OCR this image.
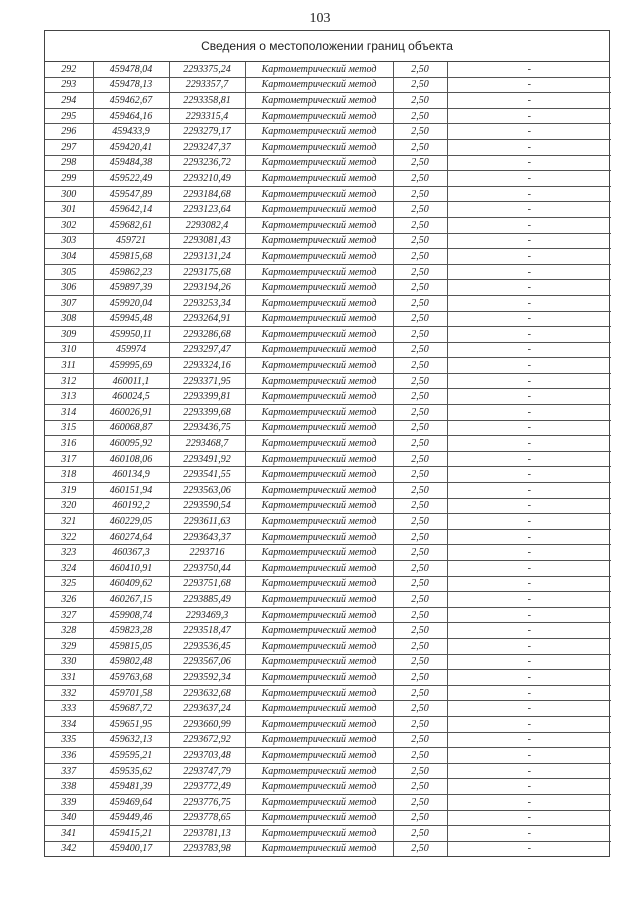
103
Сведения о местоположении границ объекта
292	459478,04	2293375,24	Картометрический метод	2,50	-
293	459478,13	2293357,7	Картометрический метод	2,50	-
294	459462,67	2293358,81	Картометрический метод	2,50	-
295	459464,16	2293315,4	Картометрический метод	2,50	-
296	459433,9	2293279,17	Картометрический метод	2,50	-
297	459420,41	2293247,37	Картометрический метод	2,50	-
298	459484,38	2293236,72	Картометрический метод	2,50	-
299	459522,49	2293210,49	Картометрический метод	2,50	-
300	459547,89	2293184,68	Картометрический метод	2,50	-
301	459642,14	2293123,64	Картометрический метод	2,50	-
302	459682,61	2293082,4	Картометрический метод	2,50	-
303	459721	2293081,43	Картометрический метод	2,50	-
304	459815,68	2293131,24	Картометрический метод	2,50	-
305	459862,23	2293175,68	Картометрический метод	2,50	-
306	459897,39	2293194,26	Картометрический метод	2,50	-
307	459920,04	2293253,34	Картометрический метод	2,50	-
308	459945,48	2293264,91	Картометрический метод	2,50	-
309	459950,11	2293286,68	Картометрический метод	2,50	-
310	459974	2293297,47	Картометрический метод	2,50	-
311	459995,69	2293324,16	Картометрический метод	2,50	-
312	460011,1	2293371,95	Картометрический метод	2,50	-
313	460024,5	2293399,81	Картометрический метод	2,50	-
314	460026,91	2293399,68	Картометрический метод	2,50	-
315	460068,87	2293436,75	Картометрический метод	2,50	-
316	460095,92	2293468,7	Картометрический метод	2,50	-
317	460108,06	2293491,92	Картометрический метод	2,50	-
318	460134,9	2293541,55	Картометрический метод	2,50	-
319	460151,94	2293563,06	Картометрический метод	2,50	-
320	460192,2	2293590,54	Картометрический метод	2,50	-
321	460229,05	2293611,63	Картометрический метод	2,50	-
322	460274,64	2293643,37	Картометрический метод	2,50	-
323	460367,3	2293716	Картометрический метод	2,50	-
324	460410,91	2293750,44	Картометрический метод	2,50	-
325	460409,62	2293751,68	Картометрический метод	2,50	-
326	460267,15	2293885,49	Картометрический метод	2,50	-
327	459908,74	2293469,3	Картометрический метод	2,50	-
328	459823,28	2293518,47	Картометрический метод	2,50	-
329	459815,05	2293536,45	Картометрический метод	2,50	-
330	459802,48	2293567,06	Картометрический метод	2,50	-
331	459763,68	2293592,34	Картометрический метод	2,50	-
332	459701,58	2293632,68	Картометрический метод	2,50	-
333	459687,72	2293637,24	Картометрический метод	2,50	-
334	459651,95	2293660,99	Картометрический метод	2,50	-
335	459632,13	2293672,92	Картометрический метод	2,50	-
336	459595,21	2293703,48	Картометрический метод	2,50	-
337	459535,62	2293747,79	Картометрический метод	2,50	-
338	459481,39	2293772,49	Картометрический метод	2,50	-
339	459469,64	2293776,75	Картометрический метод	2,50	-
340	459449,46	2293778,65	Картометрический метод	2,50	-
341	459415,21	2293781,13	Картометрический метод	2,50	-
342	459400,17	2293783,98	Картометрический метод	2,50	-
